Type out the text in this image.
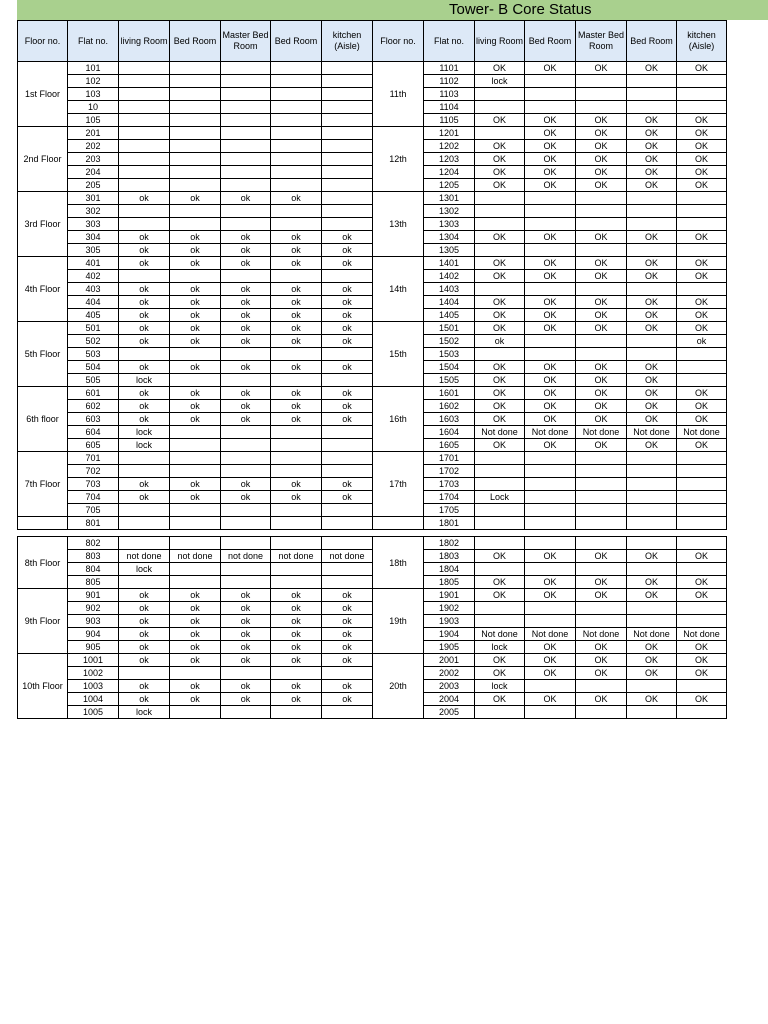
Tower- B Core Status
Floor no.	Flat no.	living Room	Bed Room	Master Bed Room	Bed Room	kitchen (Aisle)	Floor no.	Flat no.	living Room	Bed Room	Master Bed Room	Bed Room	kitchen (Aisle)
1st Floor	101						11th	1101	OK	OK	OK	OK	OK
	102							1102	lock				
	103							1103					
	10							1104					
	105							1105	OK	OK	OK	OK	OK
2nd Floor	201						12th	1201		OK	OK	OK	OK
	202							1202	OK	OK	OK	OK	OK
	203							1203	OK	OK	OK	OK	OK
	204							1204	OK	OK	OK	OK	OK
	205							1205	OK	OK	OK	OK	OK
3rd Floor	301	ok	ok	ok	ok		13th	1301					
	302							1302					
	303							1303					
	304	ok	ok	ok	ok	ok		1304	OK	OK	OK	OK	OK
	305	ok	ok	ok	ok	ok		1305					
4th Floor	401	ok	ok	ok	ok	ok	14th	1401	OK	OK	OK	OK	OK
	402							1402	OK	OK	OK	OK	OK
	403	ok	ok	ok	ok	ok		1403					
	404	ok	ok	ok	ok	ok		1404	OK	OK	OK	OK	OK
	405	ok	ok	ok	ok	ok		1405	OK	OK	OK	OK	OK
5th Floor	501	ok	ok	ok	ok	ok	15th	1501	OK	OK	OK	OK	OK
	502	ok	ok	ok	ok	ok		1502	ok				ok
	503							1503					
	504	ok	ok	ok	ok	ok		1504	OK	OK	OK	OK	
	505	lock						1505	OK	OK	OK	OK	
6th floor	601	ok	ok	ok	ok	ok	16th	1601	OK	OK	OK	OK	OK
	602	ok	ok	ok	ok	ok		1602	OK	OK	OK	OK	OK
	603	ok	ok	ok	ok	ok		1603	OK	OK	OK	OK	OK
	604	lock						1604	Not done	Not done	Not done	Not done	Not done
	605	lock						1605	OK	OK	OK	OK	OK
7th Floor	701						17th	1701					
	702							1702					
	703	ok	ok	ok	ok	ok		1703					
	704	ok	ok	ok	ok	ok		1704	Lock				
	705							1705					
	801							1801					

8th Floor	802						18th	1802					
	803	not done	not done	not done	not done	not done		1803	OK	OK	OK	OK	OK
	804	lock						1804					
	805							1805	OK	OK	OK	OK	OK
9th Floor	901	ok	ok	ok	ok	ok	19th	1901	OK	OK	OK	OK	OK
	902	ok	ok	ok	ok	ok		1902					
	903	ok	ok	ok	ok	ok		1903					
	904	ok	ok	ok	ok	ok		1904	Not done	Not done	Not done	Not done	Not done
	905	ok	ok	ok	ok	ok		1905	lock	OK	OK	OK	OK
10th Floor	1001	ok	ok	ok	ok	ok	20th	2001	OK	OK	OK	OK	OK
	1002							2002	OK	OK	OK	OK	OK
	1003	ok	ok	ok	ok	ok		2003	lock				
	1004	ok	ok	ok	ok	ok		2004	OK	OK	OK	OK	OK
	1005	lock						2005					
